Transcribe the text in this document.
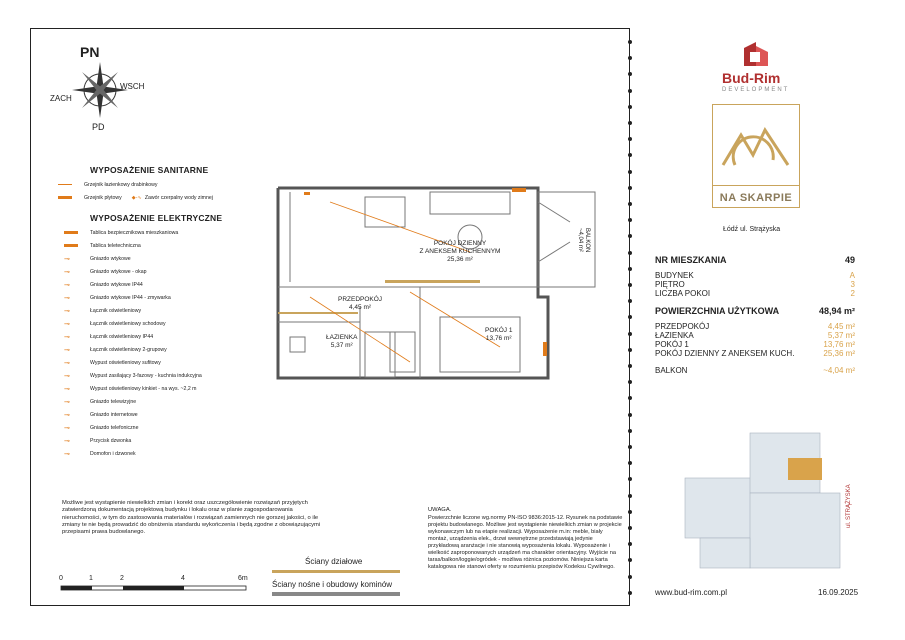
PN
PD
WSCH
ZACH
WYPOSAŻENIE SANITARNE
Grzejnik łazienkowy drabinkowy
Grzejnik płytowy ◆‑∿ Zawór czerpalny wody zimnej
WYPOSAŻENIE ELEKTRYCZNE
Tablica bezpiecznikowa mieszkaniowa
Tablica teletechniczna
⊸	Gniazdo wtykowe
⊸	Gniazdo wtykowe - okap
⊸	Gniazdo wtykowe IP44
⊸	Gniazdo wtykowe IP44 - zmywarka
⊸	Łącznik oświetleniowy
⊸	Łącznik oświetleniowy schodowy
⊸	Łącznik oświetleniowy IP44
⊸	Łącznik oświetleniowy 2-grupowy
⊸	Wypust oświetleniowy sufitowy
⊸	Wypust zasilający 3-fazowy - kuchnia indukcyjna
⊸	Wypust oświetleniowy kinkiet - na wys. ~2,2 m
⊸	Gniazdo telewizyjne
⊸	Gniazdo internetowe
⊸	Gniazdo telefoniczne
⊸	Przycisk dzwonka
⊸	Domofon i dzwonek
POKÓJ DZIENNY
Z ANEKSEM KUCHENNYM
25,36 m²
PRZEDPOKÓJ
4,45 m²
ŁAZIENKA
5,37 m²
POKÓJ 1
13,76 m²
BALKON
~4,04 m²
Możliwe jest wystąpienie niewielkich zmian i korekt oraz uszczegółowienie rozwiązań przyjętych zatwierdzoną dokumentacją projektową budynku i lokalu oraz w planie zagospodarowania nieruchomości, w tym do zastosowania materiałów i rozwiązań zamiennych nie gorszej jakości, o ile zmiany te nie będą prowadzić do obniżenia standardu wykończenia i będą zgodne z obowiązującymi przepisami prawa budowlanego.
0	1	2	4	6m
Ściany działowe
Ściany nośne i obudowy kominów
UWAGA.
Powierzchnie liczone wg.normy PN-ISO 9836:2015-12. Rysunek na podstawie projektu budowlanego. Możliwe jest wystąpienie niewielkich zmian w projekcie wykonawczym lub na etapie realizacji. Wyposażenie m.in: meble, biały montaż, urządzenia elek., drzwi wewnętrzne przedstawiają jedynie przykładową aranżacje i nie stanowią wyposażenia lokalu. Wyposażenie i wielkość zaproponowanych urządzeń ma charakter orientacyjny. Wyjście na taras/balkon/loggie/ogródek - możliwa różnica poziomów. Niniejsza karta katalogowa nie stanowi oferty w rozumieniu przepisów Kodeksu Cywilnego.
Bud-Rim
DEVELOPMENT
NA SKARPIE
Łódź ul. Strążyska
NR MIESZKANIA	49
BUDYNEK	A
PIĘTRO	3
LICZBA POKOI	2
POWIERZCHNIA UŻYTKOWA	48,94 m²
PRZEDPOKÓJ	4,45 m²
ŁAZIENKA	5,37 m²
POKÓJ 1	13,76 m²
POKÓJ DZIENNY Z ANEKSEM KUCH.	25,36 m²
BALKON	~4,04 m²
ul. STRĄŻYSKA
www.bud-rim.com.pl	16.09.2025
